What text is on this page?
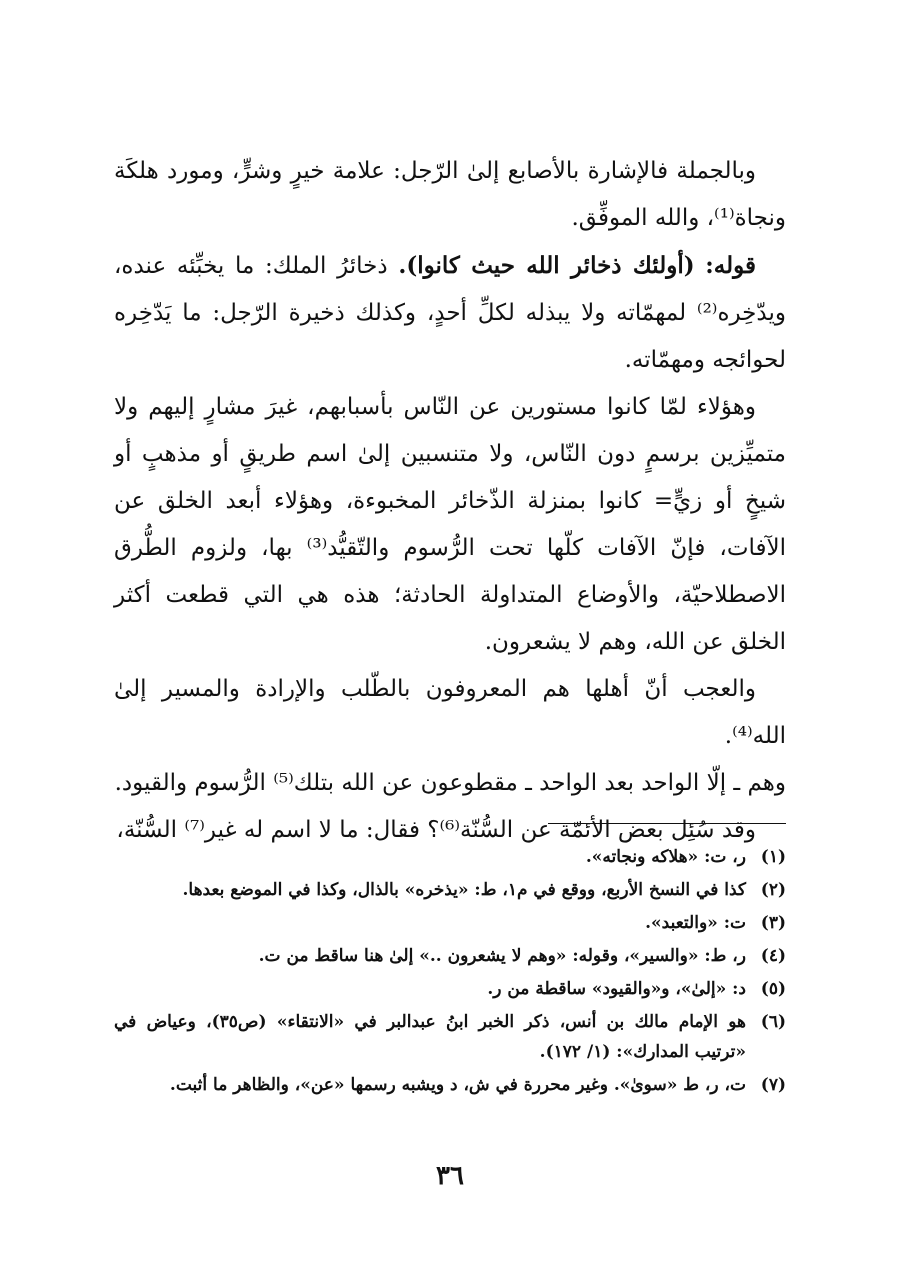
وبالجملة فالإشارة بالأصابع إلىٰ الرّجل: علامة خيرٍ وشرٍّ، ومورد هلكَة ونجاة⁽¹⁾، والله الموفِّق.

قوله: (أولئك ذخائر الله حيث كانوا). ذخائرُ الملك: ما يخبِّئه عنده، ويدّخِره⁽²⁾ لمهمّاته ولا يبذله لكلِّ أحدٍ، وكذلك ذخيرة الرّجل: ما يَدّخِره لحوائجه ومهمّاته.

وهؤلاء لمّا كانوا مستورين عن النّاس بأسبابهم، غيرَ مشارٍ إليهم ولا متميِّزين برسمٍ دون النّاس، ولا متنسبين إلىٰ اسم طريقٍ أو مذهبٍ أو شيخٍ أو زيٍّ= كانوا بمنزلة الذّخائر المخبوءة، وهؤلاء أبعد الخلق عن الآفات، فإنّ الآفات كلّها تحت الرُّسوم والتّقيُّد⁽³⁾ بها، ولزوم الطُّرق الاصطلاحيّة، والأوضاع المتداولة الحادثة؛ هذه هي التي قطعت أكثر الخلق عن الله، وهم لا يشعرون.

والعجب أنّ أهلها هم المعروفون بالطّلب والإرادة والمسير إلىٰ الله⁽⁴⁾.

وهم ـ إلّا الواحد بعد الواحد ـ مقطوعون عن الله بتلك⁽⁵⁾ الرُّسوم والقيود.

وقد سُئِل بعض الأئمّة عن السُّنّة⁽⁶⁾؟ فقال: ما لا اسم له غير⁽⁷⁾ السُّنّة،

(١)
ر، ت: «هلاكه ونجاته».
(٢)
كذا في النسخ الأربع، ووقع في م١، ط: «يذخره» بالذال، وكذا في الموضع بعدها.
(٣)
ت: «والتعبد».
(٤)
ر، ط: «والسير»، وقوله: «وهم لا يشعرون ..» إلىٰ هنا ساقط من ت.
(٥)
د: «إلىٰ»، و«والقيود» ساقطة من ر.
(٦)
هو الإمام مالك بن أنس، ذكر الخبر ابنُ عبدالبر في «الانتقاء» (ص٣٥)، وعياض في «ترتيب المدارك»: (١/ ١٧٢).
(٧)
ت، ر، ط «سوىٰ». وغير محررة في ش، د ويشبه رسمها «عن»، والظاهر ما أثبت.
٣٦
